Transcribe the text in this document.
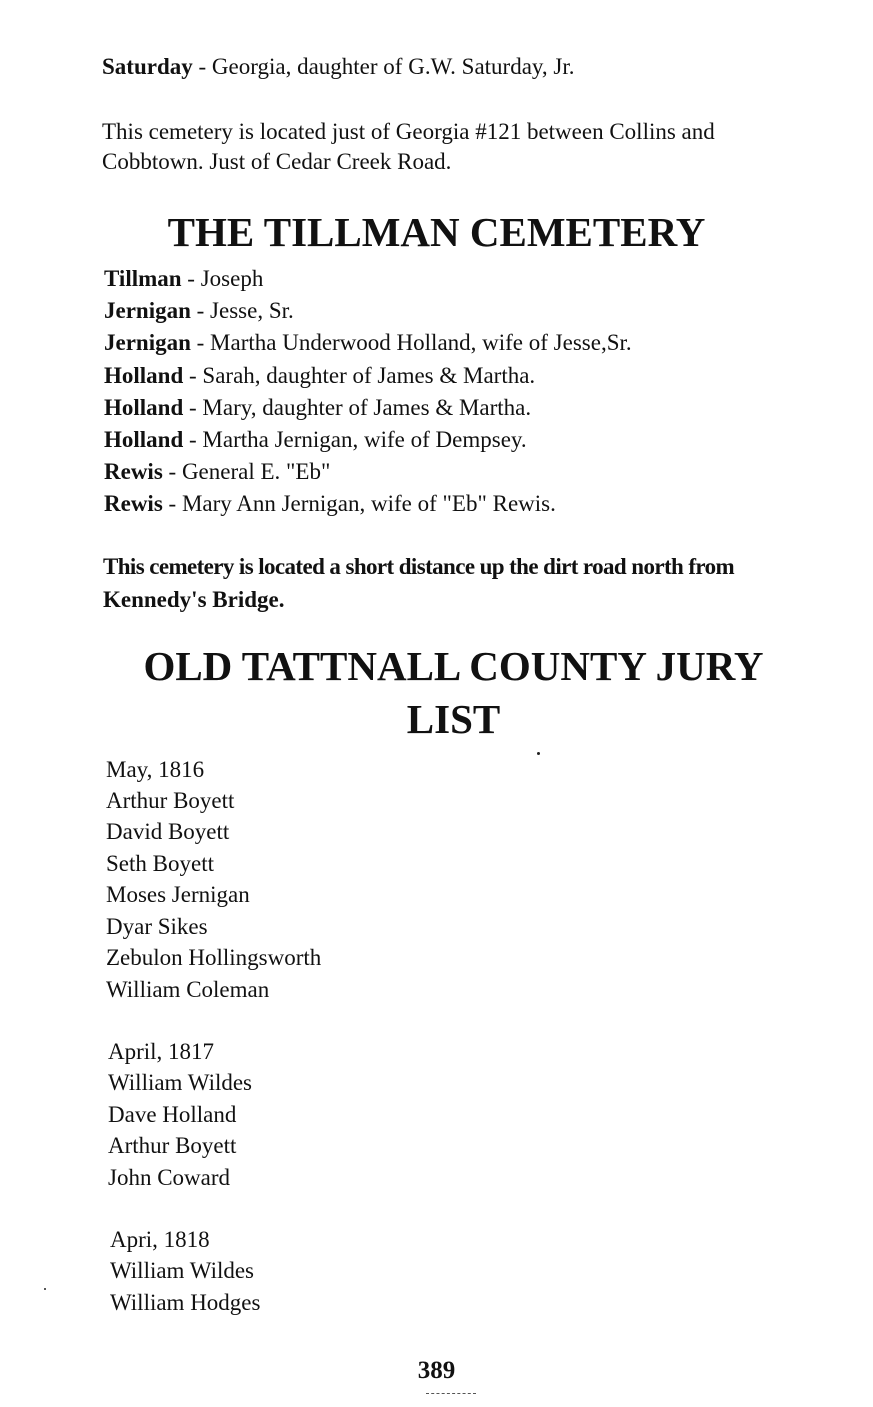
Saturday - Georgia, daughter of G.W. Saturday, Jr.
This cemetery is located just of Georgia #121 between Collins and
Cobbtown. Just of Cedar Creek Road.
THE TILLMAN CEMETERY
Tillman - Joseph
Jernigan - Jesse, Sr.
Jernigan - Martha Underwood Holland, wife of Jesse,Sr.
Holland - Sarah, daughter of James & Martha.
Holland - Mary, daughter of James & Martha.
Holland - Martha Jernigan, wife of Dempsey.
Rewis - General E. "Eb"
Rewis - Mary Ann Jernigan, wife of "Eb" Rewis.
This cemetery is located a short distance up the dirt road north from
Kennedy's Bridge.
OLD TATTNALL COUNTY JURY
LIST
May, 1816
Arthur Boyett
David Boyett
Seth Boyett
Moses Jernigan
Dyar Sikes
Zebulon Hollingsworth
William Coleman
April, 1817
William Wildes
Dave Holland
Arthur Boyett
John Coward
Apri, 1818
William Wildes
William Hodges
389
